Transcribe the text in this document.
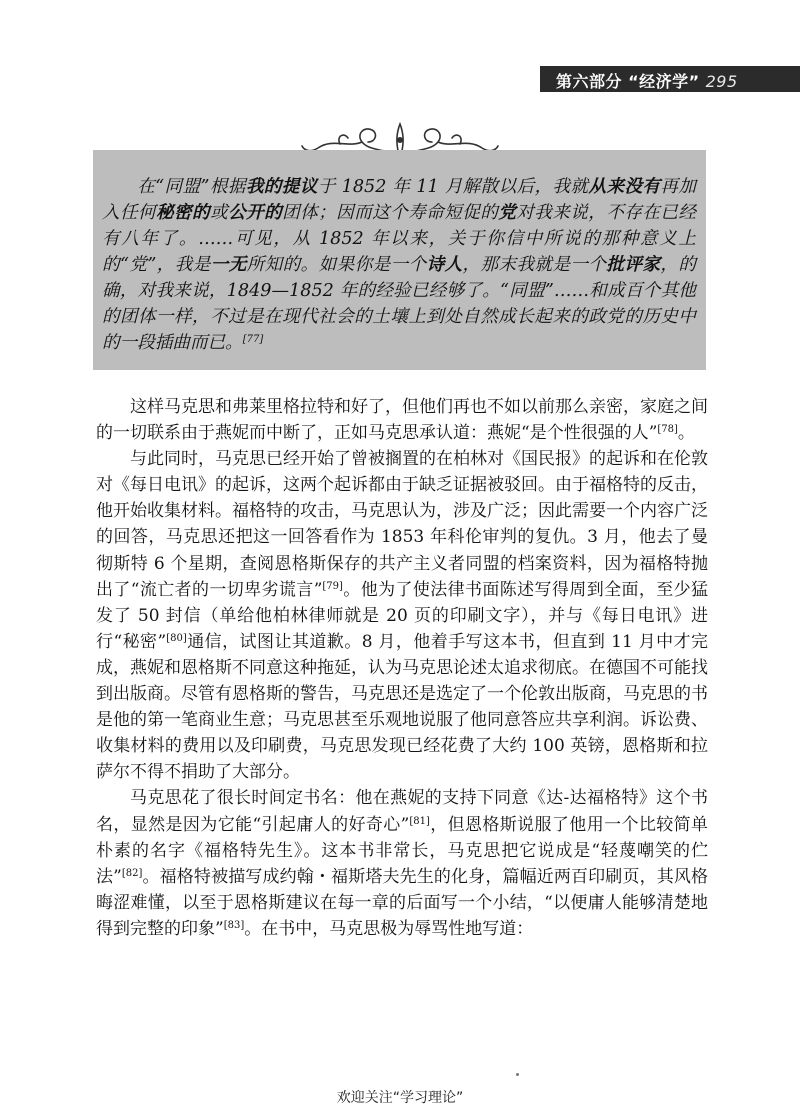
第六部分 “经济学” 295

在“同盟”根据我的提议于 1852 年 11 月解散以后，我就从来没有再加入任何秘密的或公开的团体；因而这个寿命短促的党对我来说，不存在已经有八年了。……可见，从 1852 年以来，关于你信中所说的那种意义上的“党”，我是一无所知的。如果你是一个诗人，那末我就是一个批评家，的确，对我来说，1849—1852 年的经验已经够了。“同盟”……和成百个其他的团体一样，不过是在现代社会的土壤上到处自然成长起来的政党的历史中的一段插曲而已。[77]

这样马克思和弗莱里格拉特和好了，但他们再也不如以前那么亲密，家庭之间的一切联系由于燕妮而中断了，正如马克思承认道：燕妮“是个性很强的人”[78]。

与此同时，马克思已经开始了曾被搁置的在柏林对《国民报》的起诉和在伦敦对《每日电讯》的起诉，这两个起诉都由于缺乏证据被驳回。由于福格特的反击，他开始收集材料。福格特的攻击，马克思认为，涉及广泛；因此需要一个内容广泛的回答，马克思还把这一回答看作为 1853 年科伦审判的复仇。3 月，他去了曼彻斯特 6 个星期，查阅恩格斯保存的共产主义者同盟的档案资料，因为福格特抛出了“流亡者的一切卑劣谎言”[79]。他为了使法律书面陈述写得周到全面，至少猛发了 50 封信（单给他柏林律师就是 20 页的印刷文字），并与《每日电讯》进行“秘密”[80]通信，试图让其道歉。8 月，他着手写这本书，但直到 11 月中才完成，燕妮和恩格斯不同意这种拖延，认为马克思论述太追求彻底。在德国不可能找到出版商。尽管有恩格斯的警告，马克思还是选定了一个伦敦出版商，马克思的书是他的第一笔商业生意；马克思甚至乐观地说服了他同意答应共享利润。诉讼费、收集材料的费用以及印刷费，马克思发现已经花费了大约 100 英镑，恩格斯和拉萨尔不得不捐助了大部分。

马克思花了很长时间定书名：他在燕妮的支持下同意《达-达福格特》这个书名，显然是因为它能“引起庸人的好奇心”[81]，但恩格斯说服了他用一个比较简单朴素的名字《福格特先生》。这本书非常长，马克思把它说成是“轻蔑嘲笑的伫法”[82]。福格特被描写成约翰・福斯塔夫先生的化身，篇幅近两百印刷页，其风格晦涩难懂，以至于恩格斯建议在每一章的后面写一个小结，“以便庸人能够清楚地得到完整的印象”[83]。在书中，马克思极为辱骂性地写道：

欢迎关注“学习理论”
